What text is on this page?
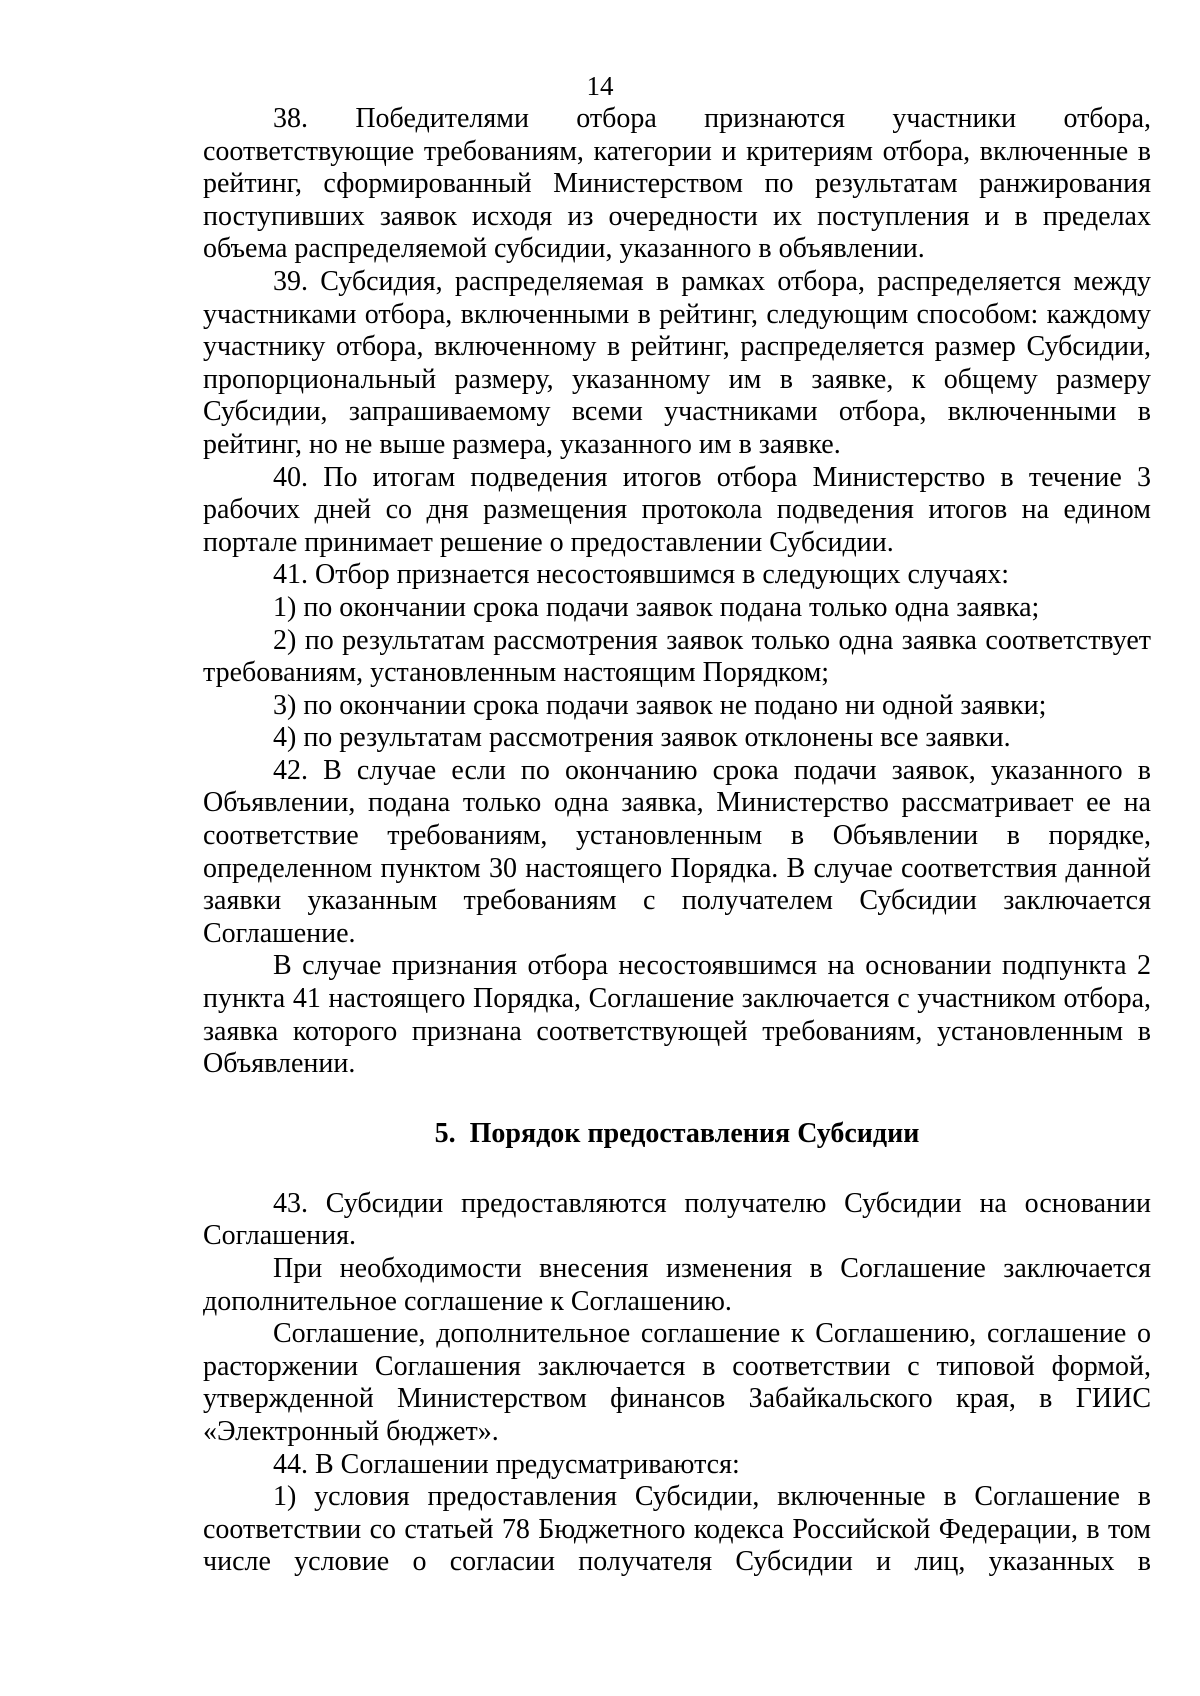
14

38. Победителями отбора признаются участники отбора, соответствующие требованиям, категории и критериям отбора, включенные в рейтинг, сформированный Министерством по результатам ранжирования поступивших заявок исходя из очередности их поступления и в пределах объема распределяемой субсидии, указанного в объявлении.

39. Субсидия, распределяемая в рамках отбора, распределяется между участниками отбора, включенными в рейтинг, следующим способом: каждому участнику отбора, включенному в рейтинг, распределяется размер Субсидии, пропорциональный размеру, указанному им в заявке, к общему размеру Субсидии, запрашиваемому всеми участниками отбора, включенными в рейтинг, но не выше размера, указанного им в заявке.

40. По итогам подведения итогов отбора Министерство в течение 3 рабочих дней со дня размещения протокола подведения итогов на едином портале принимает решение о предоставлении Субсидии.

41. Отбор признается несостоявшимся в следующих случаях:

1) по окончании срока подачи заявок подана только одна заявка;

2) по результатам рассмотрения заявок только одна заявка соответствует требованиям, установленным настоящим Порядком;

3) по окончании срока подачи заявок не подано ни одной заявки;

4) по результатам рассмотрения заявок отклонены все заявки.

42. В случае если по окончанию срока подачи заявок, указанного в Объявлении, подана только одна заявка, Министерство рассматривает ее на соответствие требованиям, установленным в Объявлении в порядке, определенном пунктом 30 настоящего Порядка. В случае соответствия данной заявки указанным требованиям с получателем Субсидии заключается Соглашение.

В случае признания отбора несостоявшимся на основании подпункта 2 пункта 41 настоящего Порядка, Соглашение заключается с участником отбора, заявка которого признана соответствующей требованиям, установленным в Объявлении.

5. Порядок предоставления Субсидии

43. Субсидии предоставляются получателю Субсидии на основании Соглашения.

При необходимости внесения изменения в Соглашение заключается дополнительное соглашение к Соглашению.

Соглашение, дополнительное соглашение к Соглашению, соглашение о расторжении Соглашения заключается в соответствии с типовой формой, утвержденной Министерством финансов Забайкальского края, в ГИИС «Электронный бюджет».

44. В Соглашении предусматриваются:

1) условия предоставления Субсидии, включенные в Соглашение в соответствии со статьей 78 Бюджетного кодекса Российской Федерации, в том числе условие о согласии получателя Субсидии и лиц, указанных в
